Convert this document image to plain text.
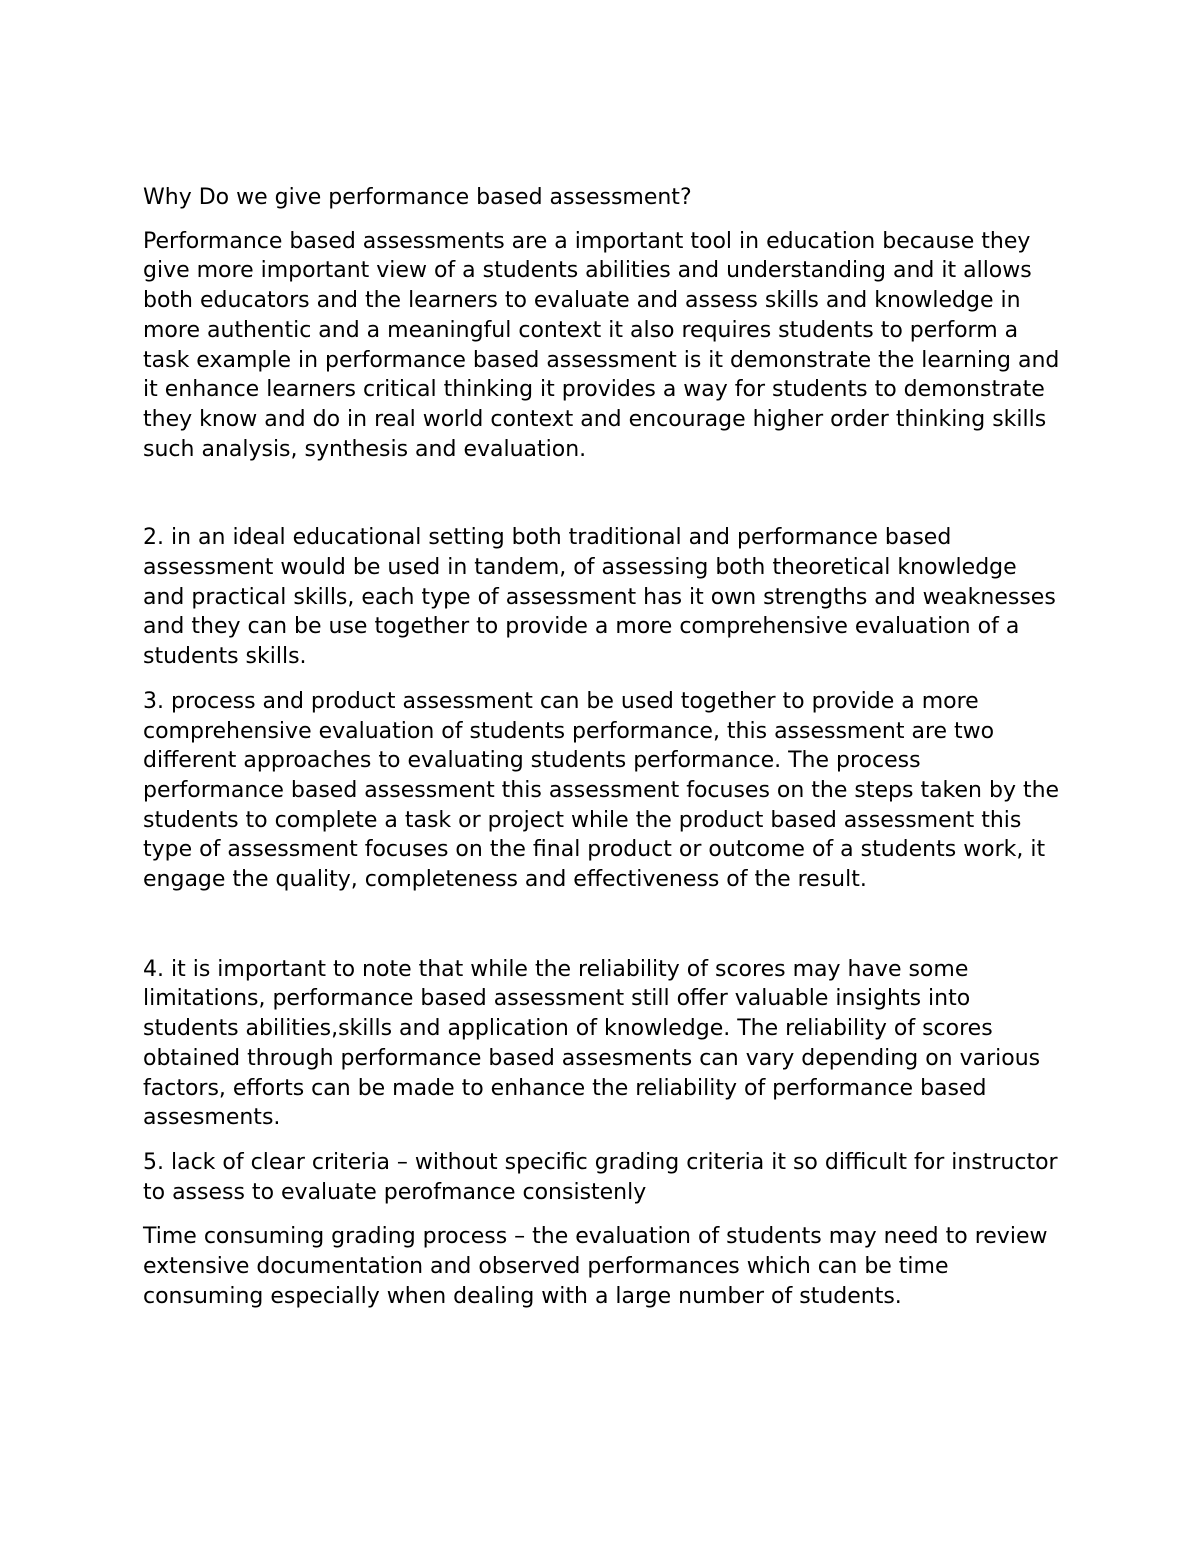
Why Do we give performance based assessment?

Performance based assessments are a important tool in education because they give more important view of a students abilities and understanding and it allows both educators and the learners to evaluate and assess skills and knowledge in more authentic and a meaningful context it also requires students to perform a task example in performance based assessment is it demonstrate the learning and it enhance learners critical thinking it provides a way for students to demonstrate they know and do in real world context and encourage higher order thinking skills such analysis, synthesis and evaluation.

2. in an ideal educational setting both traditional and performance based assessment would be used in tandem, of assessing both theoretical knowledge and practical skills, each type of assessment has it own strengths and weaknesses and they can be use together to provide a more comprehensive evaluation of a students skills.

3. process and product assessment can be used together to provide a more comprehensive evaluation of students performance, this assessment are two different approaches to evaluating students performance. The process performance based assessment this assessment focuses on the steps taken by the students to complete a task or project while the product based assessment this type of assessment focuses on the final product or outcome of a students work, it engage the quality, completeness and effectiveness of the result.

4. it is important to note that while the reliability of scores may have some limitations, performance based assessment still offer valuable insights into students abilities,skills and application of knowledge. The reliability of scores obtained through performance based assesments can vary depending on various factors, efforts can be made to enhance the reliability of performance based assesments.

5. lack of clear criteria – without specific grading criteria it so difficult for instructor to assess to evaluate perofmance consistenly

Time consuming grading process – the evaluation of students may need to review extensive documentation and observed performances which can be time consuming especially when dealing with a large number of students.
